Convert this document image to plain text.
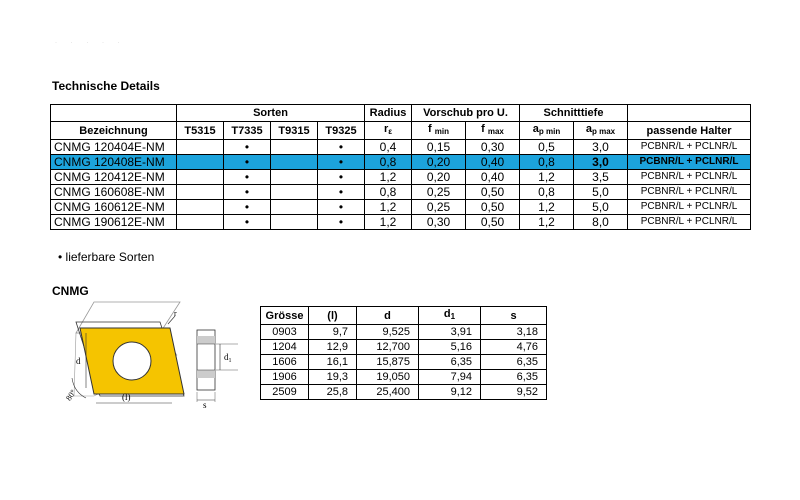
· · · · ·
Technische Details
	Sorten				Radius	Vorschub pro U.		Schnitttiefe		
Bezeichnung	T5315	T7335	T9315	T9325	$r_\varepsilon$	f $_{min}$	f $_{max}$	$a_{p min}$	$a_{p max}$	passende Halter
CNMG 120404E-NM		•		•	0,4	0,15	0,30	0,5	3,0	PCBNR/L + PCLNR/L
CNMG 120408E-NM		•		•	0,8	0,20	0,40	0,8	3,0	PCBNR/L + PCLNR/L
CNMG 120412E-NM		•		•	1,2	0,20	0,40	1,2	3,5	PCBNR/L + PCLNR/L
CNMG 160608E-NM		•		•	0,8	0,25	0,50	0,8	5,0	PCBNR/L + PCLNR/L
CNMG 160612E-NM		•		•	1,2	0,25	0,50	1,2	5,0	PCBNR/L + PCLNR/L
CNMG 190612E-NM		•		•	1,2	0,30	0,50	1,2	8,0	PCBNR/L + PCLNR/L
• lieferbare Sorten
CNMG
r
d
(l)
80°
$d_1$
s
Grösse	(l)	d	$d_1$	s
0903	9,7	9,525	3,91	3,18
1204	12,9	12,700	5,16	4,76
1606	16,1	15,875	6,35	6,35
1906	19,3	19,050	7,94	6,35
2509	25,8	25,400	9,12	9,52
